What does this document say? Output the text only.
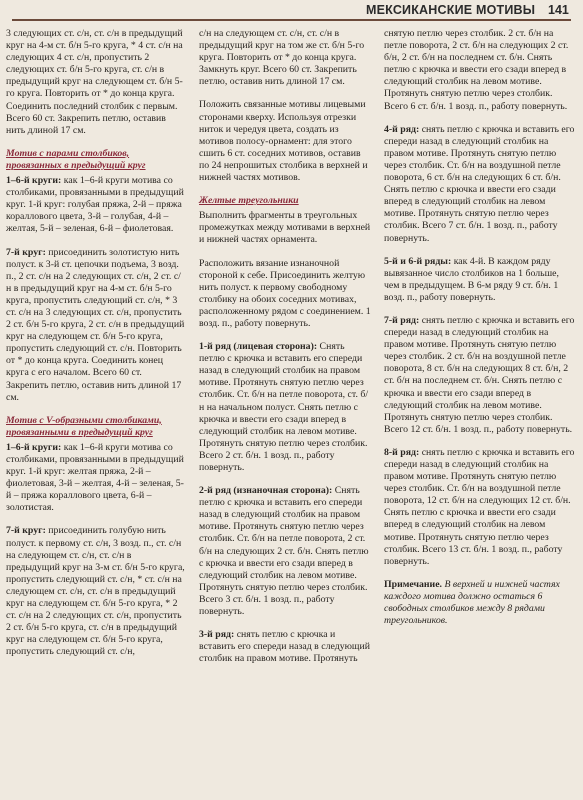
МЕКСИКАНСКИЕ МОТИВЫ 141

3 следующих ст. с/н, ст. с/н в предыдущий круг на 4-м ст. б/н 5-го круга, * 4 ст. с/н на следующих 4 ст. с/н, пропустить 2 следующих ст. б/н 5-го круга, ст. с/н в предыдущий круг на следующем ст. б/н 5-го круга. Повторить от * до конца круга. Соединить последний столбик с первым. Всего 60 ст. Закрепить петлю, оставив нить длиной 17 см.

Мотив с парами столбиков, провязанных в предыдущий круг

1–6-й круги: как 1–6-й круги мотива со столбиками, провязанными в предыдущий круг. 1-й круг: голубая пряжа, 2-й – пряжа кораллового цвета, 3-й – голубая, 4-й – желтая, 5-й – зеленая, 6-й – фиолетовая.

7-й круг: присоединить золотистую нить полуст. к 3-й ст. цепочки подъема, 3 возд. п., 2 ст. с/н на 2 следующих ст. с/н, 2 ст. с/н в предыдущий круг на 4-м ст. б/н 5-го круга, пропустить следующий ст. с/н, * 3 ст. с/н на 3 следующих ст. с/н, пропустить 2 ст. б/н 5-го круга, 2 ст. с/н в предыдущий круг на следующем ст. б/н 5-го круга, пропустить следующий ст. с/н. Повторить от * до конца круга. Соединить конец круга с его началом. Всего 60 ст. Закрепить петлю, оставив нить длиной 17 см.

Мотив с V-образными столбиками, провязанными в предыдущий круг

1–6-й круги: как 1–6-й круги мотива со столбиками, провязанными в предыдущий круг. 1-й круг: желтая пряжа, 2-й – фиолетовая, 3-й – желтая, 4-й – зеленая, 5-й – пряжа кораллового цвета, 6-й – золотистая.

7-й круг: присоединить голубую нить полуст. к первому ст. с/н, 3 возд. п., ст. с/н на следующем ст. с/н, ст. с/н в предыдущий круг на 3-м ст. б/н 5-го круга, пропустить следующий ст. с/н, * ст. с/н на следующем ст. с/н, ст. с/н в предыдущий круг на следующем ст. б/н 5-го круга, * 2 ст. с/н на 2 следующих ст. с/н, пропустить 2 ст. б/н 5-го круга, ст. с/н в предыдущий круг на следующем ст. б/н 5-го круга, пропустить следующий ст. с/н,

с/н на следующем ст. с/н, ст. с/н в предыдущий круг на том же ст. б/н 5-го круга. Повторить от * до конца круга. Замкнуть круг. Всего 60 ст. Закрепить петлю, оставив нить длиной 17 см.

Положить связанные мотивы лицевыми сторонами кверху. Используя отрезки ниток и чередуя цвета, создать из мотивов полосу-орнамент: для этого сшить 6 ст. соседних мотивов, оставив по 24 непрошитых столбика в верхней и нижней частях мотивов.

Желтые треугольники

Выполнить фрагменты в треугольных промежутках между мотивами в верхней и нижней частях орнамента.

Расположить вязание изнаночной стороной к себе. Присоединить желтую нить полуст. к первому свободному столбику на обоих соседних мотивах, расположенному рядом с соединением. 1 возд. п., работу повернуть.

1-й ряд (лицевая сторона): Снять петлю с крючка и вставить его спереди назад в следующий столбик на правом мотиве. Протянуть снятую петлю через столбик. Ст. б/н на петле поворота, ст. б/н на начальном полуст. Снять петлю с крючка и ввести его сзади вперед в следующий столбик на левом мотиве. Протянуть снятую петлю через столбик. Всего 2 ст. б/н. 1 возд. п., работу повернуть.

2-й ряд (изнаночная сторона): Снять петлю с крючка и вставить его спереди назад в следующий столбик на правом мотиве. Протянуть снятую петлю через столбик. Ст. б/н на петле поворота, 2 ст. б/н на следующих 2 ст. б/н. Снять петлю с крючка и ввести его сзади вперед в следующий столбик на левом мотиве. Протянуть снятую петлю через столбик. Всего 3 ст. б/н. 1 возд. п., работу повернуть.

3-й ряд: снять петлю с крючка и вставить его спереди назад в следующий столбик на правом мотиве. Протянуть

снятую петлю через столбик. 2 ст. б/н на петле поворота, 2 ст. б/н на следующих 2 ст. б/н, 2 ст. б/н на последнем ст. б/н. Снять петлю с крючка и ввести его сзади вперед в следующий столбик на левом мотиве. Протянуть снятую петлю через столбик. Всего 6 ст. б/н. 1 возд. п., работу повернуть.

4-й ряд: снять петлю с крючка и вставить его спереди назад в следующий столбик на правом мотиве. Протянуть снятую петлю через столбик. Ст. б/н на воздушной петле поворота, 6 ст. б/н на следующих 6 ст. б/н. Снять петлю с крючка и ввести его сзади вперед в следующий столбик на левом мотиве. Протянуть снятую петлю через столбик. Всего 7 ст. б/н. 1 возд. п., работу повернуть.

5-й и 6-й ряды: как 4-й. В каждом ряду вывязанное число столбиков на 1 больше, чем в предыдущем. В 6-м ряду 9 ст. б/н. 1 возд. п., работу повернуть.

7-й ряд: снять петлю с крючка и вставить его спереди назад в следующий столбик на правом мотиве. Протянуть снятую петлю через столбик. 2 ст. б/н на воздушной петле поворота, 8 ст. б/н на следующих 8 ст. б/н, 2 ст. б/н на последнем ст. б/н. Снять петлю с крючка и ввести его сзади вперед в следующий столбик на левом мотиве. Протянуть снятую петлю через столбик. Всего 12 ст. б/н. 1 возд. п., работу повернуть.

8-й ряд: снять петлю с крючка и вставить его спереди назад в следующий столбик на правом мотиве. Протянуть снятую петлю через столбик. Ст. б/н на воздушной петле поворота, 12 ст. б/н на следующих 12 ст. б/н. Снять петлю с крючка и ввести его сзади вперед в следующий столбик на левом мотиве. Протянуть снятую петлю через столбик. Всего 13 ст. б/н. 1 возд. п., работу повернуть.

Примечание. В верхней и нижней частях каждого мотива должно остаться 6 свободных столбиков между 8 рядами треугольников.
